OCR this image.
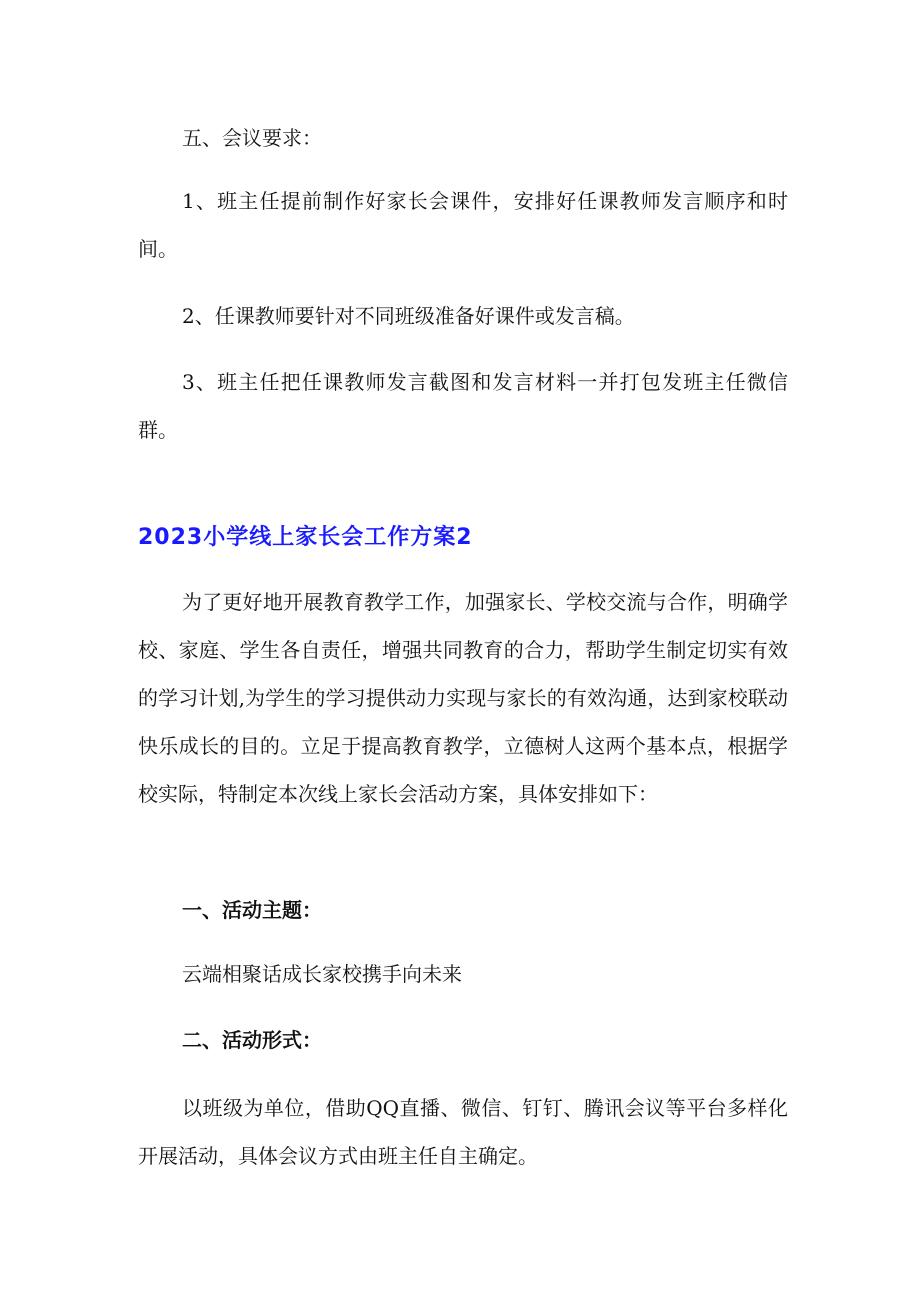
五、会议要求：

1、班主任提前制作好家长会课件，安排好任课教师发言顺序和时间。

2、任课教师要针对不同班级准备好课件或发言稿。

3、班主任把任课教师发言截图和发言材料一并打包发班主任微信群。

2023小学线上家长会工作方案2

为了更好地开展教育教学工作，加强家长、学校交流与合作，明确学校、家庭、学生各自责任，增强共同教育的合力，帮助学生制定切实有效的学习计划,为学生的学习提供动力实现与家长的有效沟通，达到家校联动快乐成长的目的。立足于提高教育教学，立德树人这两个基本点，根据学校实际，特制定本次线上家长会活动方案，具体安排如下：

一、活动主题：

云端相聚话成长家校携手向未来

二、活动形式：

以班级为单位，借助QQ直播、微信、钉钉、腾讯会议等平台多样化开展活动，具体会议方式由班主任自主确定。
